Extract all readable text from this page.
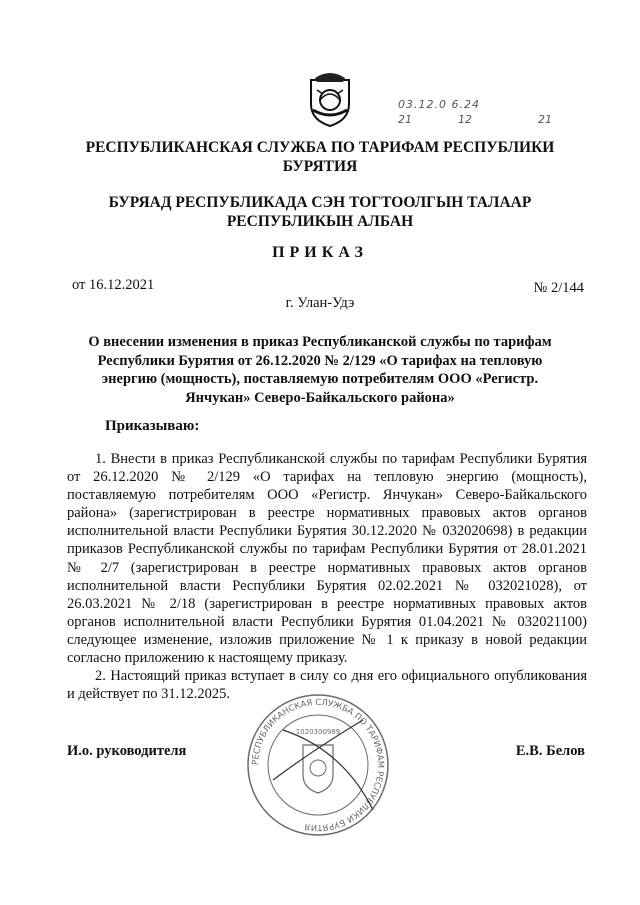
03.12.0 6.24
21	12	21
РЕСПУБЛИКАНСКАЯ СЛУЖБА ПО ТАРИФАМ РЕСПУБЛИКИ
БУРЯТИЯ
БУРЯАД РЕСПУБЛИКАДА СЭН ТОГТООЛГЫН ТАЛААР
РЕСПУБЛИКЫН АЛБАН
ПРИКАЗ
от 16.12.2021	№ 2/144
г. Улан-Удэ
О внесении изменения в приказ Республиканской службы по тарифам
Республики Бурятия от 26.12.2020 № 2/129 «О тарифах на тепловую
энергию (мощность), поставляемую потребителям ООО «Регистр.
Янчукан» Северо-Байкальского района»
Приказываю:

1. Внести в приказ Республиканской службы по тарифам Республики Бурятия от 26.12.2020 № 2/129 «О тарифах на тепловую энергию (мощность), поставляемую потребителям ООО «Регистр. Янчукан» Северо-Байкальского района» (зарегистрирован в реестре нормативных правовых актов органов исполнительной власти Республики Бурятия 30.12.2020 № 032020698) в редакции приказов Республиканской службы по тарифам Республики Бурятия от 28.01.2021 № 2/7 (зарегистрирован в реестре нормативных правовых актов органов исполнительной власти Республики Бурятия 02.02.2021 № 032021028), от 26.03.2021 № 2/18 (зарегистрирован в реестре нормативных правовых актов органов исполнительной власти Республики Бурятия 01.04.2021 № 032021100) следующее изменение, изложив приложение № 1 к приказу в новой редакции согласно приложению к настоящему приказу.

2. Настоящий приказ вступает в силу со дня его официального опубликования и действует по 31.12.2025.

РЕСПУБЛИКАНСКАЯ СЛУЖБА ПО ТАРИФАМ РЕСПУБЛИКИ БУРЯТИЯ
1020300989
И.о. руководителя	Е.В. Белов
